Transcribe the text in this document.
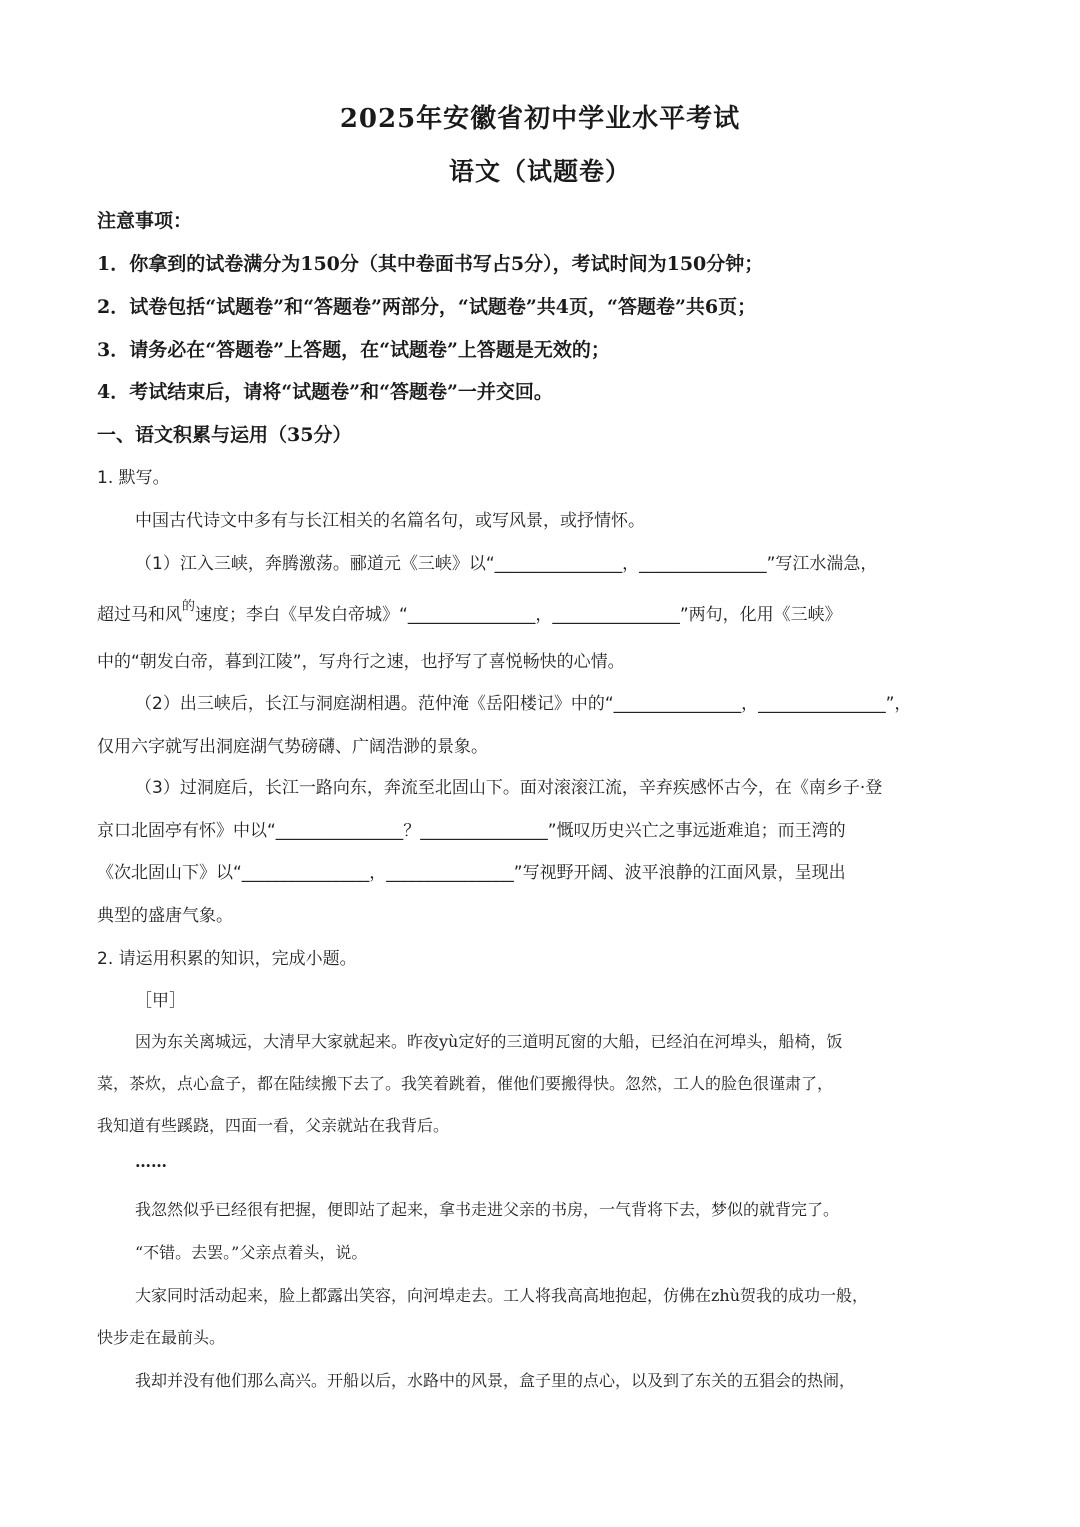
2025年安徽省初中学业水平考试
语文（试题卷）
注意事项：
1．你拿到的试卷满分为150分（其中卷面书写占5分），考试时间为150分钟；
2．试卷包括“试题卷”和“答题卷”两部分，“试题卷”共4页，“答题卷”共6页；
3．请务必在“答题卷”上答题，在“试题卷”上答题是无效的；
4．考试结束后，请将“试题卷”和“答题卷”一并交回。
一、语文积累与运用（35分）
1. 默写。
中国古代诗文中多有与长江相关的名篇名句，或写风景，或抒情怀。
（1）江入三峡，奔腾激荡。郦道元《三峡》以“_______________，_______________”写江水湍急，
超过马和风$^的$速度；李白《早发白帝城》“_______________，_______________”两句，化用《三峡》
中的“朝发白帝，暮到江陵”，写舟行之速，也抒写了喜悦畅快的心情。
（2）出三峡后，长江与洞庭湖相遇。范仲淹《岳阳楼记》中的“_______________，_______________”，
仅用六字就写出洞庭湖气势磅礴、广阔浩渺的景象。
（3）过洞庭后，长江一路向东，奔流至北固山下。面对滚滚江流，辛弃疾感怀古今，在《南乡子·登
京口北固亭有怀》中以“_______________？_______________”慨叹历史兴亡之事远逝难追；而王湾的
《次北固山下》以“_______________，_______________”写视野开阔、波平浪静的江面风景，呈现出
典型的盛唐气象。
2. 请运用积累的知识，完成小题。
［甲］
因为东关离城远，大清早大家就起来。昨夜yù定好的三道明瓦窗的大船，已经泊在河埠头，船椅，饭
菜，茶炊，点心盒子，都在陆续搬下去了。我笑着跳着，催他们要搬得快。忽然，工人的脸色很谨肃了，
我知道有些蹊跷，四面一看，父亲就站在我背后。
……
我忽然似乎已经很有把握，便即站了起来，拿书走进父亲的书房，一气背将下去，梦似的就背完了。
“不错。去罢。”父亲点着头，说。
大家同时活动起来，脸上都露出笑容，向河埠走去。工人将我高高地抱起，仿佛在zhù贺我的成功一般，
快步走在最前头。
我却并没有他们那么高兴。开船以后，水路中的风景，盒子里的点心，以及到了东关的五猖会的热闹，
